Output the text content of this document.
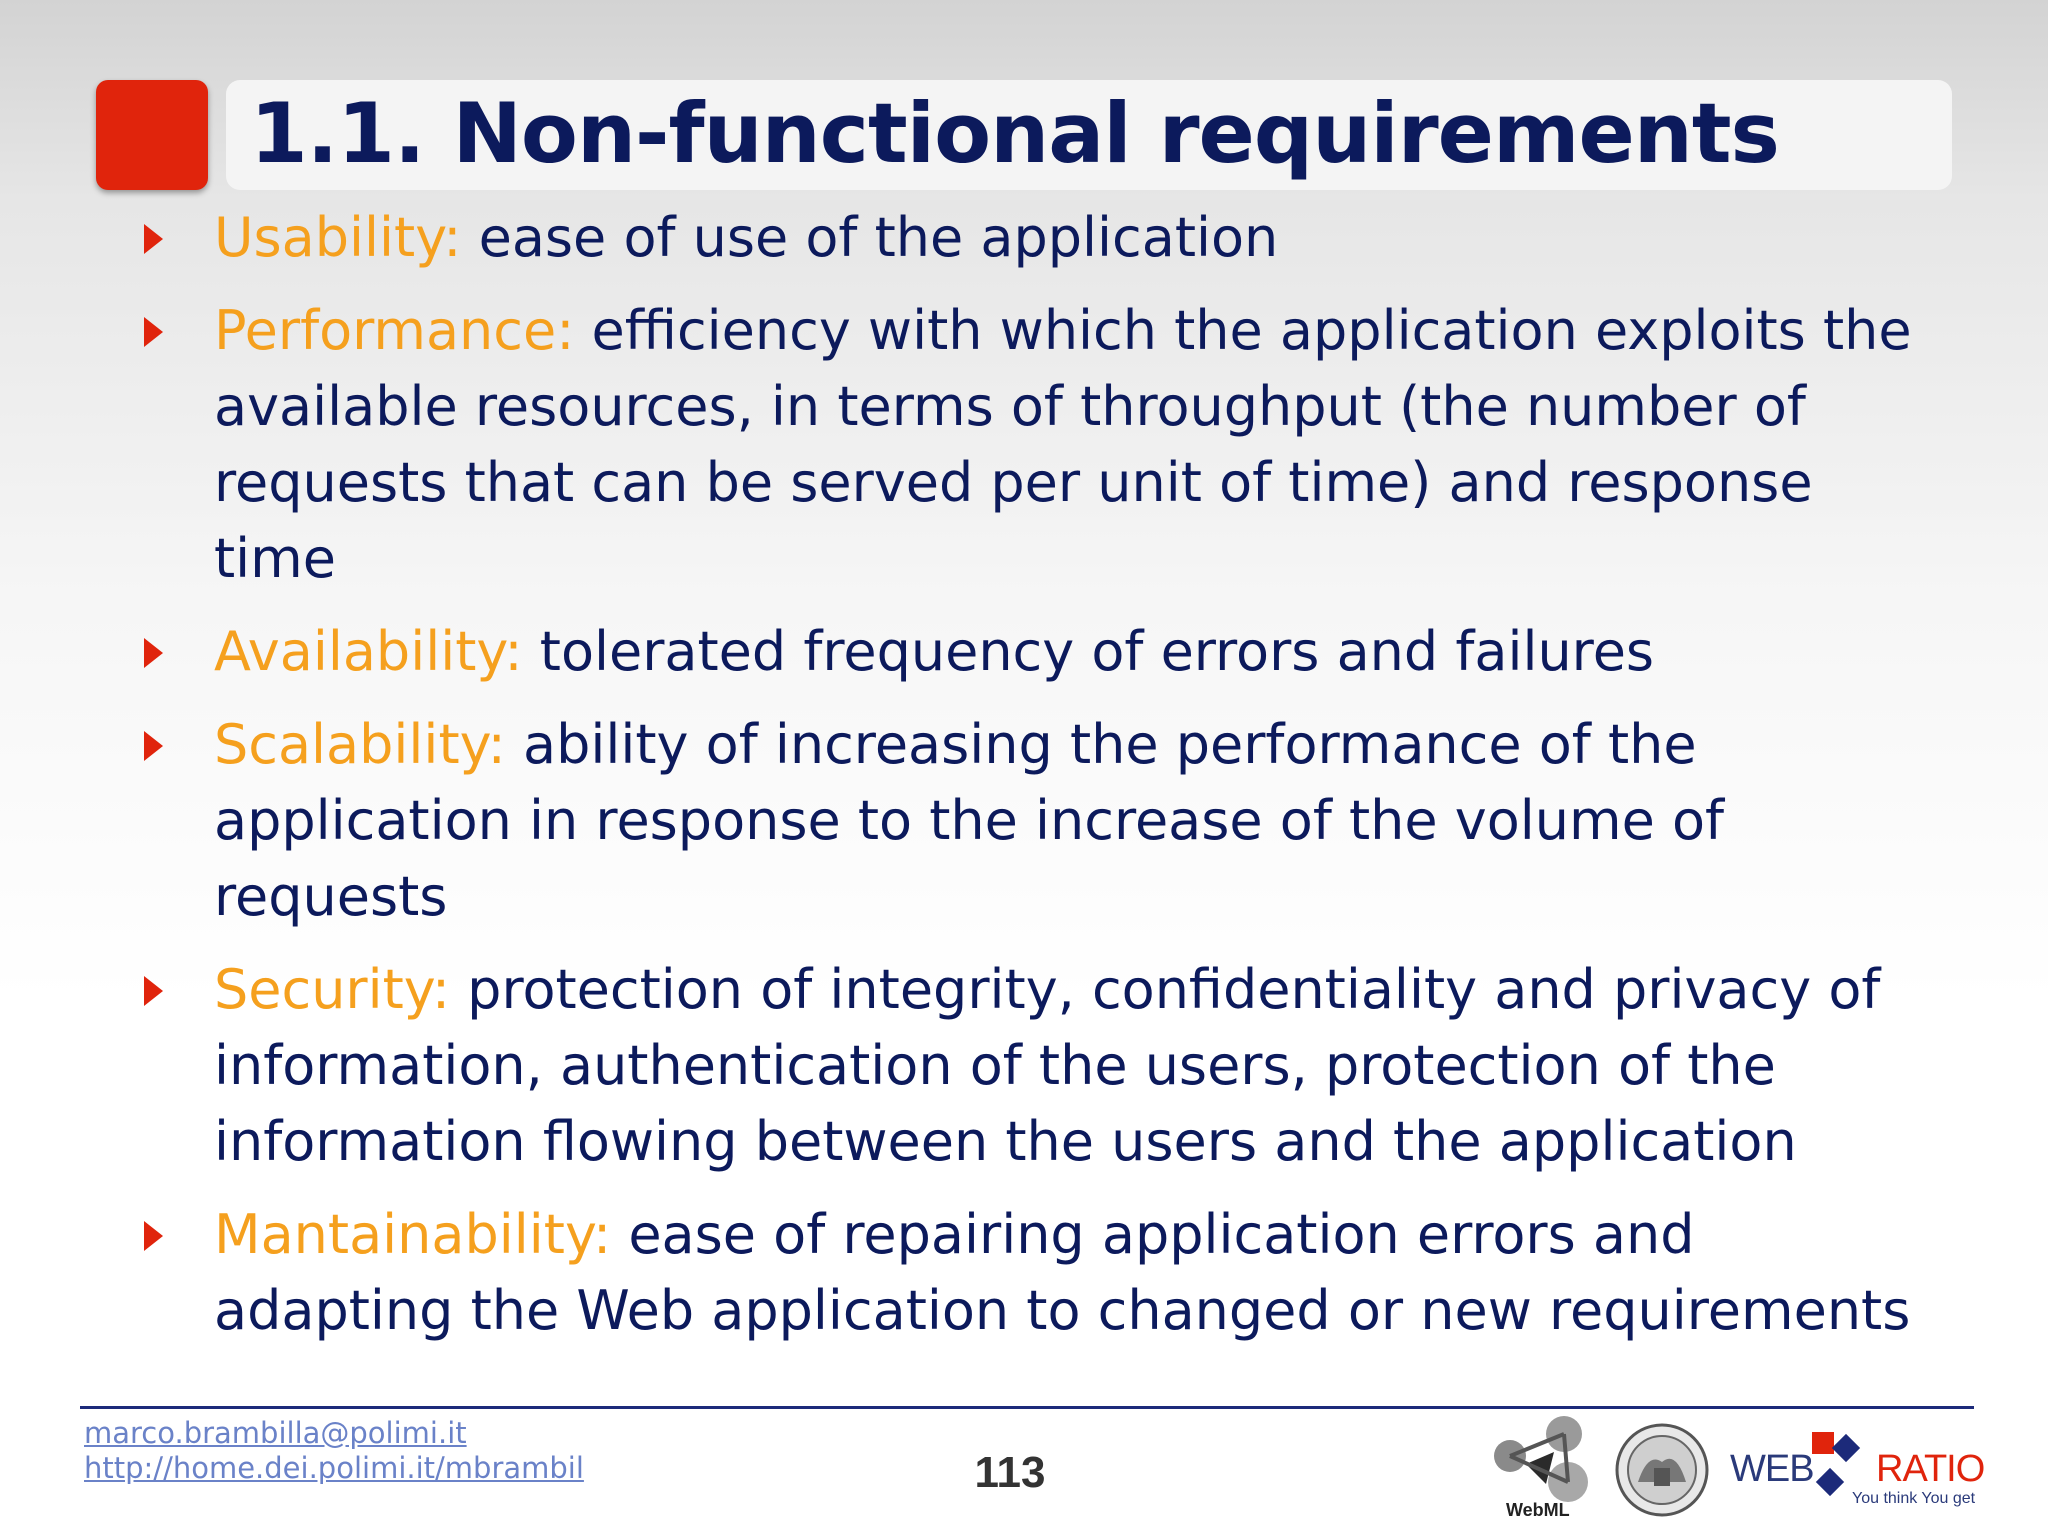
1.1. Non-functional requirements
Usability: ease of use of the application
Performance: efficiency with which the application exploits the available resources, in terms of throughput (the number of requests that can be served per unit of time) and response time
Availability: tolerated frequency of errors and failures
Scalability: ability of increasing the performance of the application in response to the increase of the volume of requests
Security: protection of integrity, confidentiality and privacy of information, authentication of the users, protection of the information flowing between the users and the application
Mantainability: ease of repairing application errors and adapting the Web application to changed or new requirements
marco.brambilla@polimi.it
http://home.dei.polimi.it/mbrambil	113
WebML
WEB RATIO
You think You get
